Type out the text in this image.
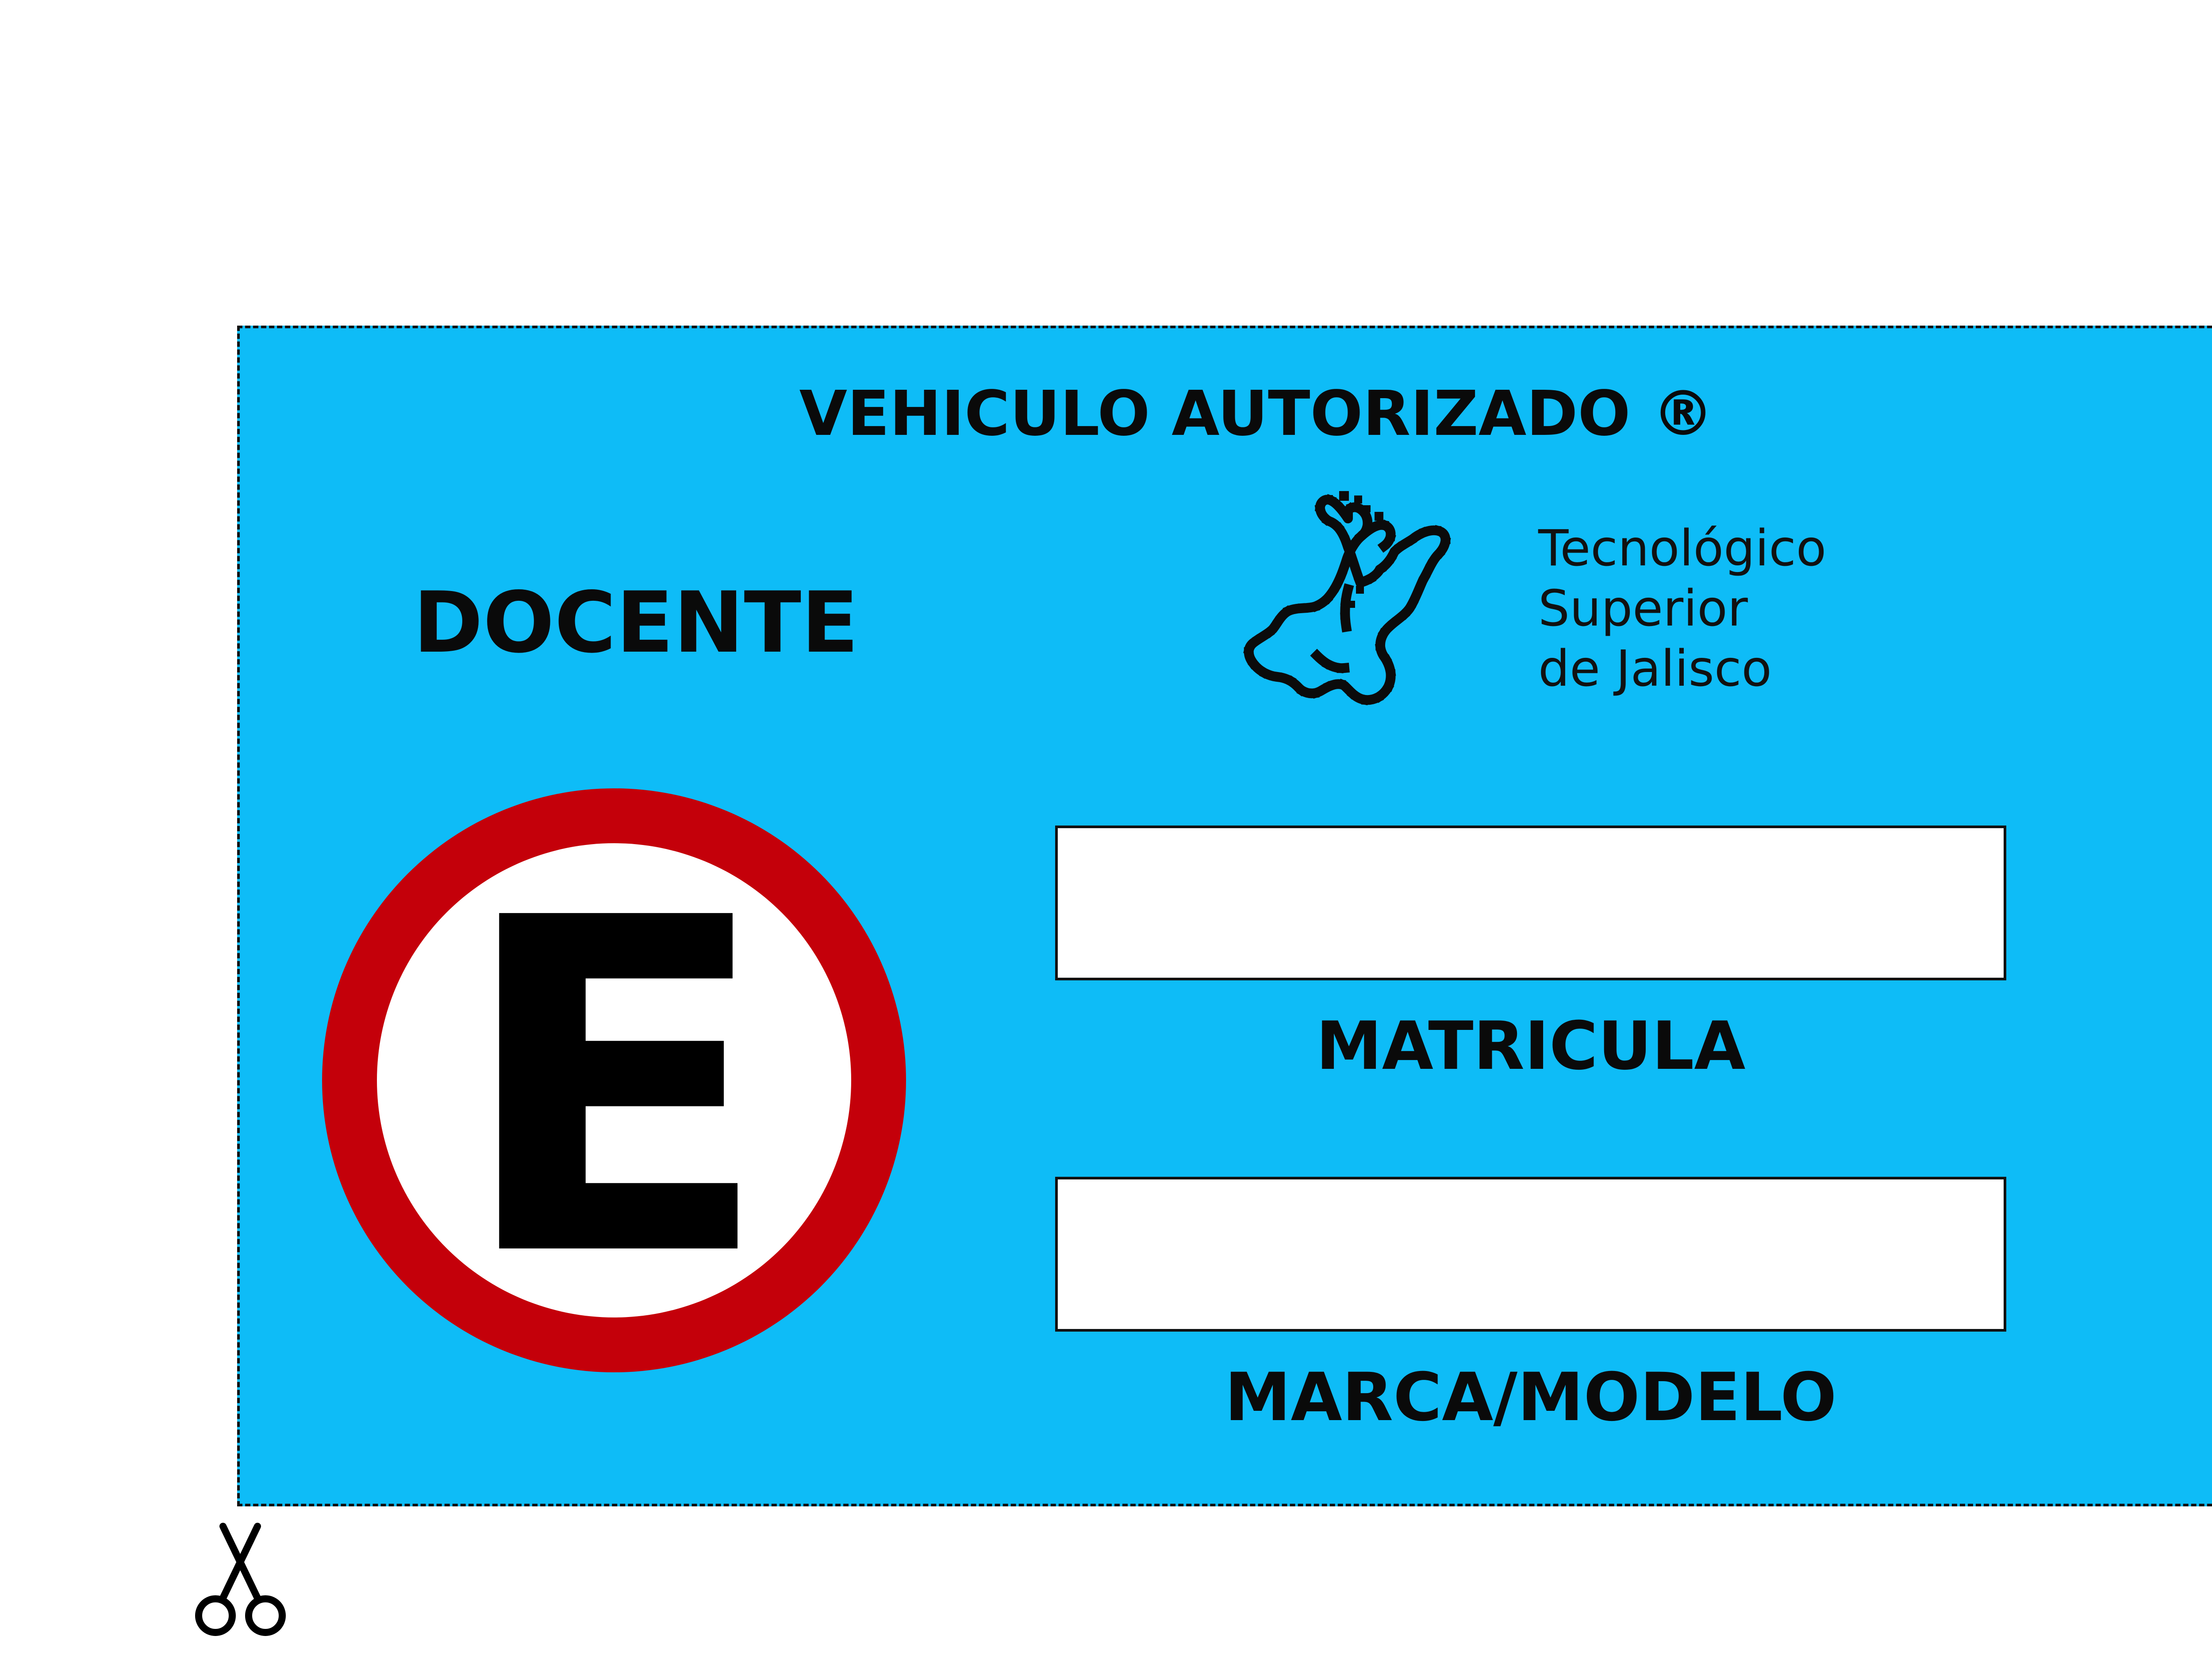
VEHICULO AUTORIZADO ®
DOCENTE
Tecnológico
Superior
de Jalisco
E	MATRICULA
MARCA/MODELO
